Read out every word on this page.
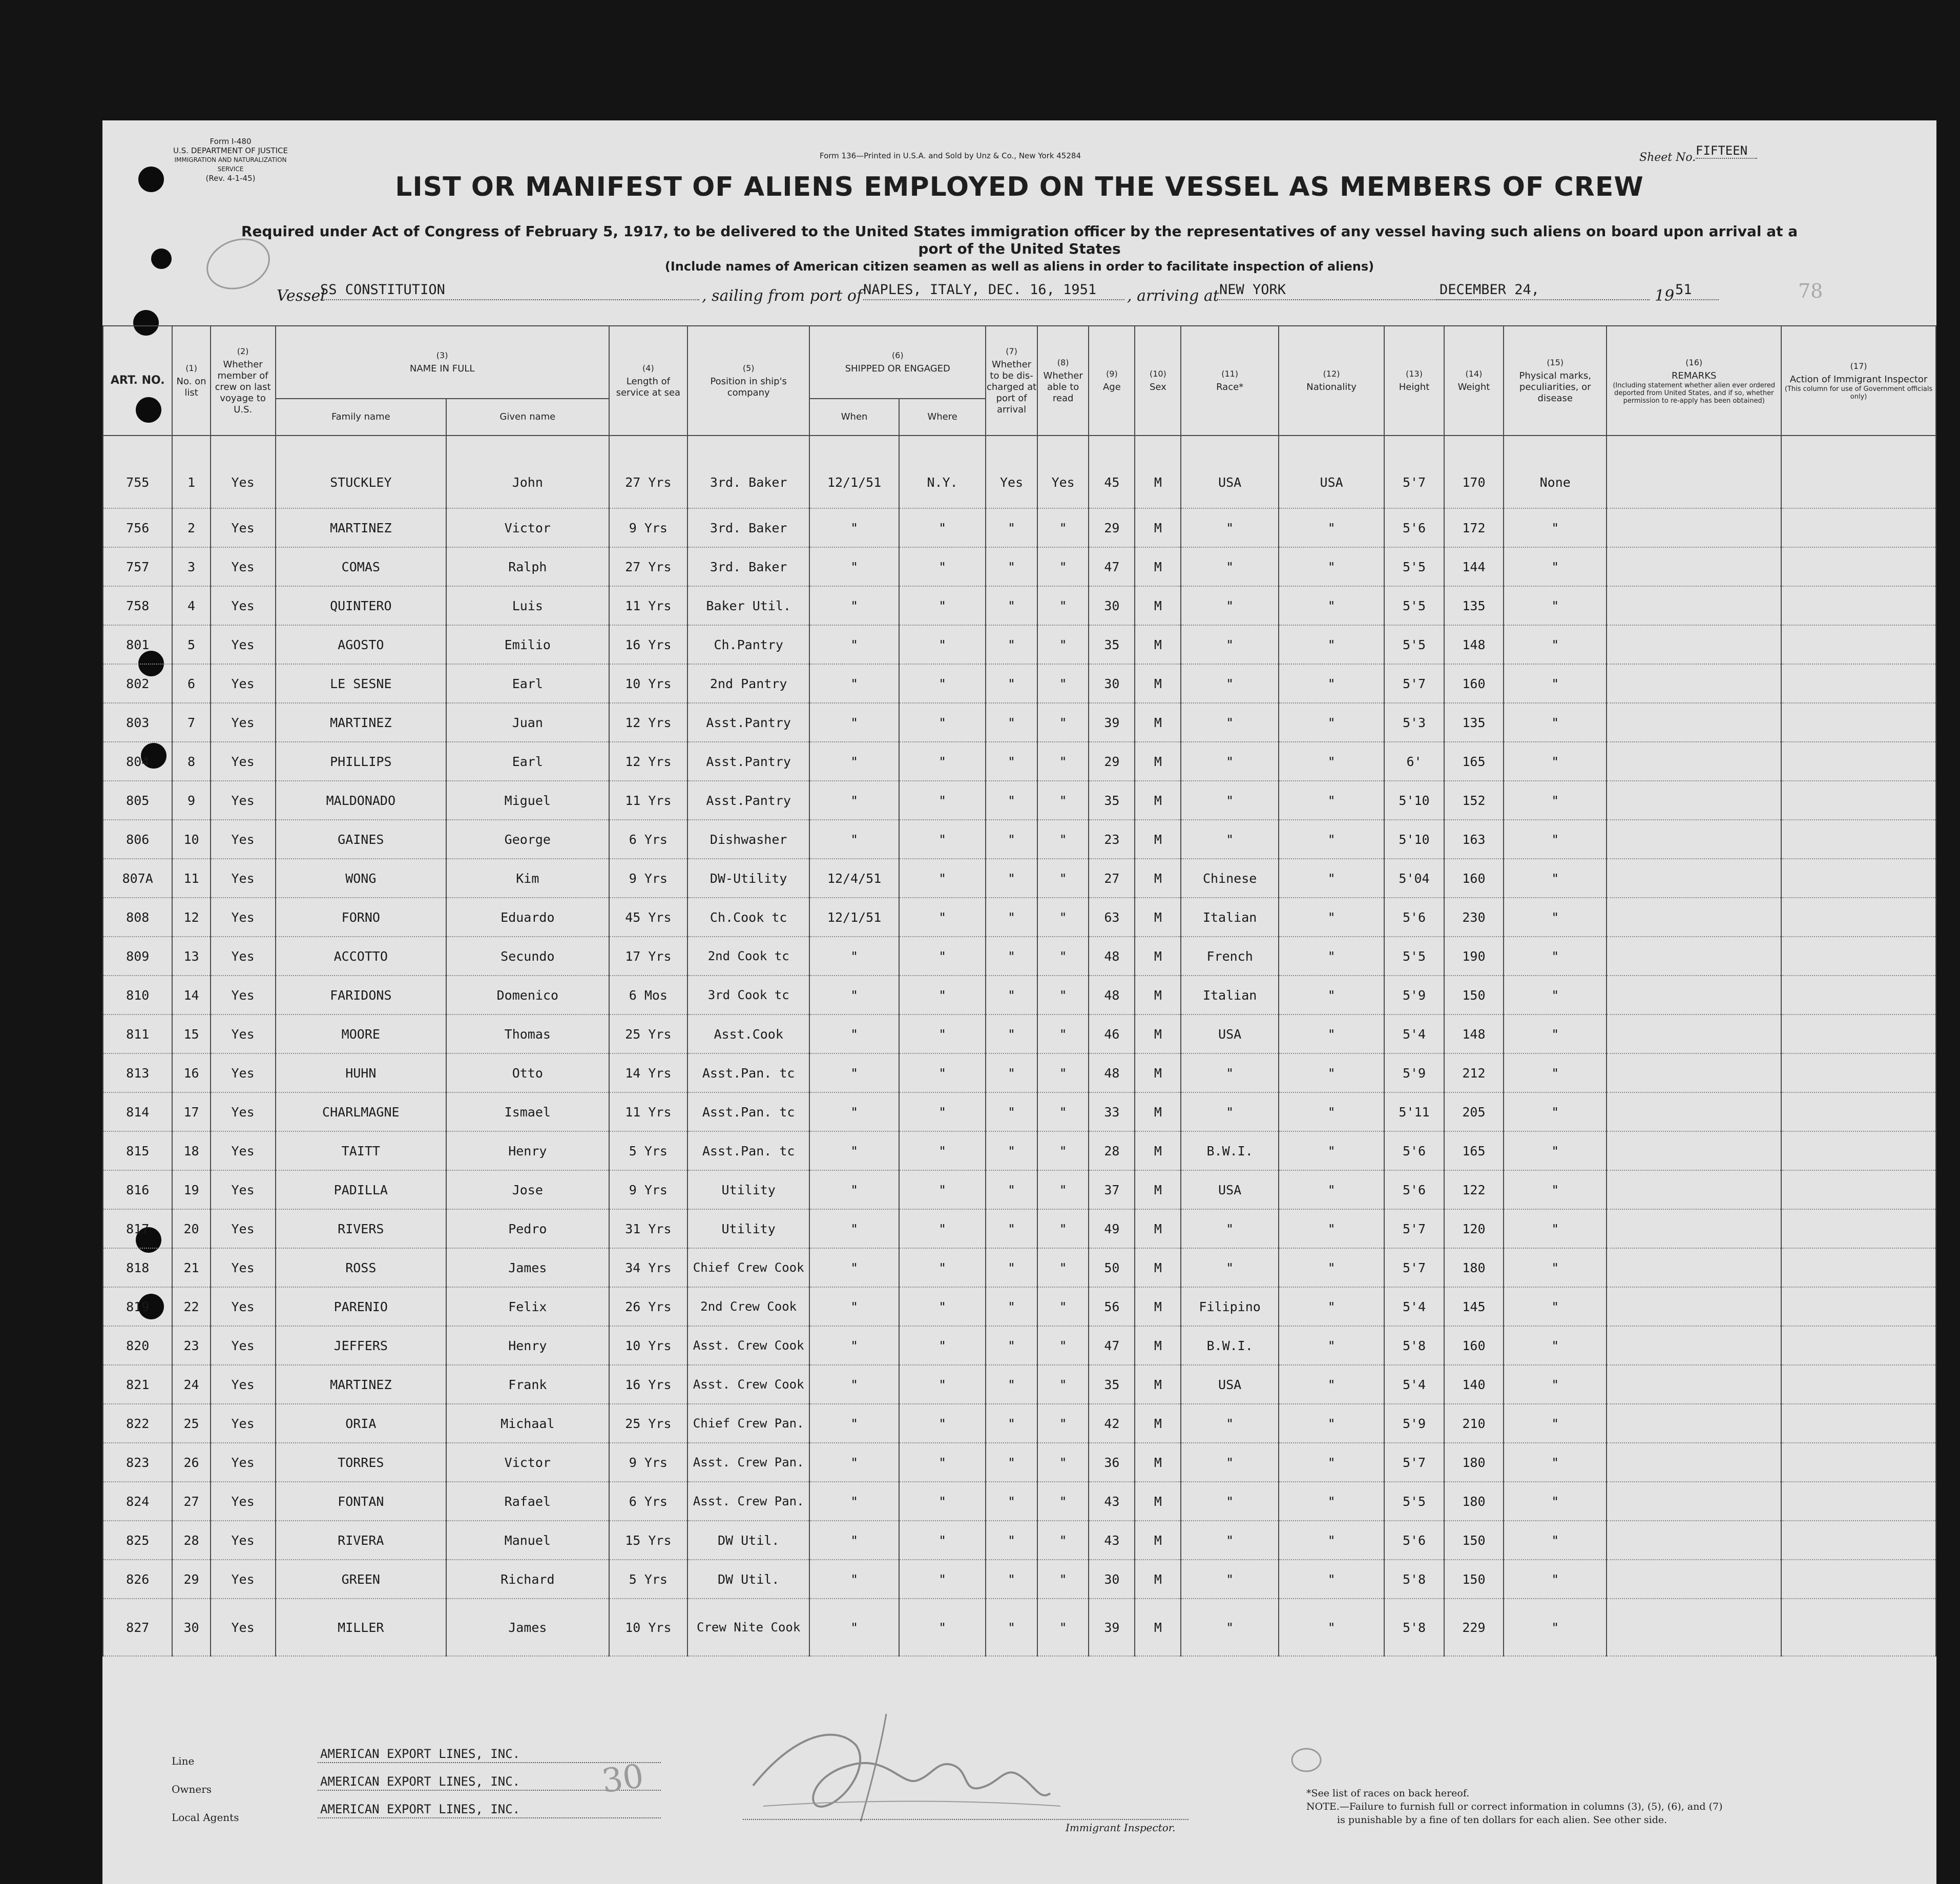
Form I-480
U.S. DEPARTMENT OF JUSTICE
IMMIGRATION AND NATURALIZATION SERVICE
(Rev. 4-1-45)
Form 136—Printed in U.S.A. and Sold by Unz & Co., New York 45284	Sheet No. FIFTEEN
LIST OR MANIFEST OF ALIENS EMPLOYED ON THE VESSEL AS MEMBERS OF CREW
Required under Act of Congress of February 5, 1917, to be delivered to the United States immigration officer by the representatives of any vessel having such aliens on board upon arrival at a
port of the United States
(Include names of American citizen seamen as well as aliens in order to facilitate inspection of aliens)
Vessel
SS CONSTITUTION	, sailing from port of NAPLES, ITALY, DEC. 16, 1951 , arriving at NEW YORK	DECEMBER 24,	19 51	78
ART. NO.	(1)
No. on list	(2)
Whether member of crew on last voyage to U.S.	(3)
NAME IN FULL		(4)
Length of service at sea	(5)
Position in ship's company	(6)
SHIPPED OR ENGAGED		(7)
Whether to be dis-charged at port of arrival	(8)
Whether able to read	(9)
Age	(10)
Sex	(11)
Race*	(12)
Nationality	(13)
Height	(14)
Weight	(15)
Physical marks, peculiarities, or disease	(16)
REMARKS

(Including statement whether alien ever ordered deported from United States, and if so, whether permission to re-apply has been obtained)	(17)
Action of Immigrant Inspector

(This column for use of Government officials only)

			Family name	Given name			When	Where											
755	1	Yes	STUCKLEY	John	27 Yrs	3rd. Baker	12/1/51	N.Y.	Yes	Yes	45	M	USA	USA	5'7	170	None		
756	2	Yes	MARTINEZ	Victor	9 Yrs	3rd. Baker	"	"	"	"	29	M	"	"	5'6	172	"		
757	3	Yes	COMAS	Ralph	27 Yrs	3rd. Baker	"	"	"	"	47	M	"	"	5'5	144	"		
758	4	Yes	QUINTERO	Luis	11 Yrs	Baker Util.	"	"	"	"	30	M	"	"	5'5	135	"		
801	5	Yes	AGOSTO	Emilio	16 Yrs	Ch.Pantry	"	"	"	"	35	M	"	"	5'5	148	"		
802	6	Yes	LE SESNE	Earl	10 Yrs	2nd Pantry	"	"	"	"	30	M	"	"	5'7	160	"		
803	7	Yes	MARTINEZ	Juan	12 Yrs	Asst.Pantry	"	"	"	"	39	M	"	"	5'3	135	"		
804	8	Yes	PHILLIPS	Earl	12 Yrs	Asst.Pantry	"	"	"	"	29	M	"	"	6'	165	"		
805	9	Yes	MALDONADO	Miguel	11 Yrs	Asst.Pantry	"	"	"	"	35	M	"	"	5'10	152	"		
806	10	Yes	GAINES	George	6 Yrs	Dishwasher	"	"	"	"	23	M	"	"	5'10	163	"		
807A	11	Yes	WONG	Kim	9 Yrs	DW-Utility	12/4/51	"	"	"	27	M	Chinese	"	5'04	160	"		
808	12	Yes	FORNO	Eduardo	45 Yrs	Ch.Cook tc	12/1/51	"	"	"	63	M	Italian	"	5'6	230	"		
809	13	Yes	ACCOTTO	Secundo	17 Yrs	2nd Cook tc	"	"	"	"	48	M	French	"	5'5	190	"		
810	14	Yes	FARIDONS	Domenico	6 Mos	3rd Cook tc	"	"	"	"	48	M	Italian	"	5'9	150	"		
811	15	Yes	MOORE	Thomas	25 Yrs	Asst.Cook	"	"	"	"	46	M	USA	"	5'4	148	"		
813	16	Yes	HUHN	Otto	14 Yrs	Asst.Pan. tc	"	"	"	"	48	M	"	"	5'9	212	"		
814	17	Yes	CHARLMAGNE	Ismael	11 Yrs	Asst.Pan. tc	"	"	"	"	33	M	"	"	5'11	205	"		
815	18	Yes	TAITT	Henry	5 Yrs	Asst.Pan. tc	"	"	"	"	28	M	B.W.I.	"	5'6	165	"		
816	19	Yes	PADILLA	Jose	9 Yrs	Utility	"	"	"	"	37	M	USA	"	5'6	122	"		
817	20	Yes	RIVERS	Pedro	31 Yrs	Utility	"	"	"	"	49	M	"	"	5'7	120	"		
818	21	Yes	ROSS	James	34 Yrs	Chief Crew Cook	"	"	"	"	50	M	"	"	5'7	180	"		
819	22	Yes	PARENIO	Felix	26 Yrs	2nd Crew Cook	"	"	"	"	56	M	Filipino	"	5'4	145	"		
820	23	Yes	JEFFERS	Henry	10 Yrs	Asst. Crew Cook	"	"	"	"	47	M	B.W.I.	"	5'8	160	"		
821	24	Yes	MARTINEZ	Frank	16 Yrs	Asst. Crew Cook	"	"	"	"	35	M	USA	"	5'4	140	"		
822	25	Yes	ORIA	Michaal	25 Yrs	Chief Crew Pan.	"	"	"	"	42	M	"	"	5'9	210	"		
823	26	Yes	TORRES	Victor	9 Yrs	Asst. Crew Pan.	"	"	"	"	36	M	"	"	5'7	180	"		
824	27	Yes	FONTAN	Rafael	6 Yrs	Asst. Crew Pan.	"	"	"	"	43	M	"	"	5'5	180	"		
825	28	Yes	RIVERA	Manuel	15 Yrs	DW Util.	"	"	"	"	43	M	"	"	5'6	150	"		
826	29	Yes	GREEN	Richard	5 Yrs	DW Util.	"	"	"	"	30	M	"	"	5'8	150	"		
827	30	Yes	MILLER	James	10 Yrs	Crew Nite Cook	"	"	"	"	39	M	"	"	5'8	229	"		
Line	AMERICAN EXPORT LINES, INC.
Owners
AMERICAN EXPORT LINES, INC.
Local Agents
AMERICAN EXPORT LINES, INC.
30
Immigrant Inspector.
*See list of races on back hereof.
NOTE.—Failure to furnish full or correct information in columns (3), (5), (6), and (7)
is punishable by a fine of ten dollars for each alien. See other side.
